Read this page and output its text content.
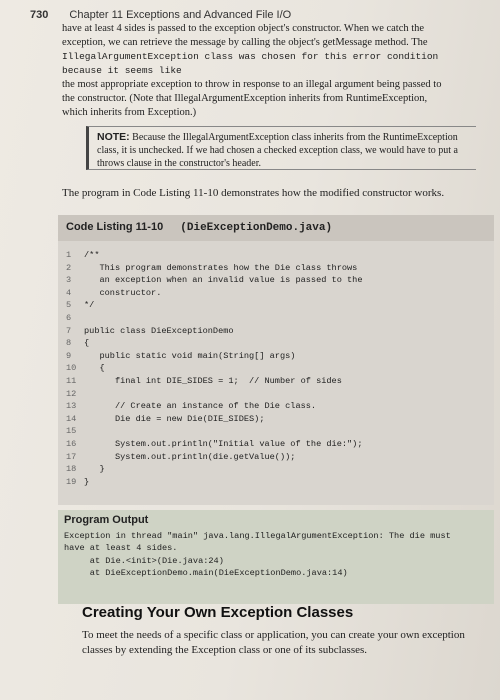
730 Chapter 11 Exceptions and Advanced File I/O
have at least 4 sides is passed to the exception object's constructor. When we catch the
exception, we can retrieve the message by calling the object's getMessage method. The
IllegalArgumentException class was chosen for this error condition because it seems like
the most appropriate exception to throw in response to an illegal argument being passed to
the constructor. (Note that IllegalArgumentException inherits from RuntimeException,
which inherits from Exception.)
NOTE: Because the IllegalArgumentException class inherits from the RuntimeException class, it is unchecked. If we had chosen a checked exception class, we would have to put a throws clause in the constructor's header.
The program in Code Listing 11-10 demonstrates how the modified constructor works.
Code Listing 11-10 (DieExceptionDemo.java)
1 /**
2   This program demonstrates how the Die class throws
3   an exception when an invalid value is passed to the
4   constructor.
5 */
6
7 public class DieExceptionDemo
8 {
9   public static void main(String[] args)
10   {
11      final int DIE_SIDES = 1;  // Number of sides
12
13      // Create an instance of the Die class.
14      Die die = new Die(DIE_SIDES);
15
16      System.out.println("Initial value of the die:");
17      System.out.println(die.getValue());
18   }
19 }
Program Output
Exception in thread "main" java.lang.IllegalArgumentException: The die must
have at least 4 sides.
at Die.<init>(Die.java:24)
at DieExceptionDemo.main(DieExceptionDemo.java:14)
Creating Your Own Exception Classes
To meet the needs of a specific class or application, you can create your own exception classes by extending the Exception class or one of its subclasses.
